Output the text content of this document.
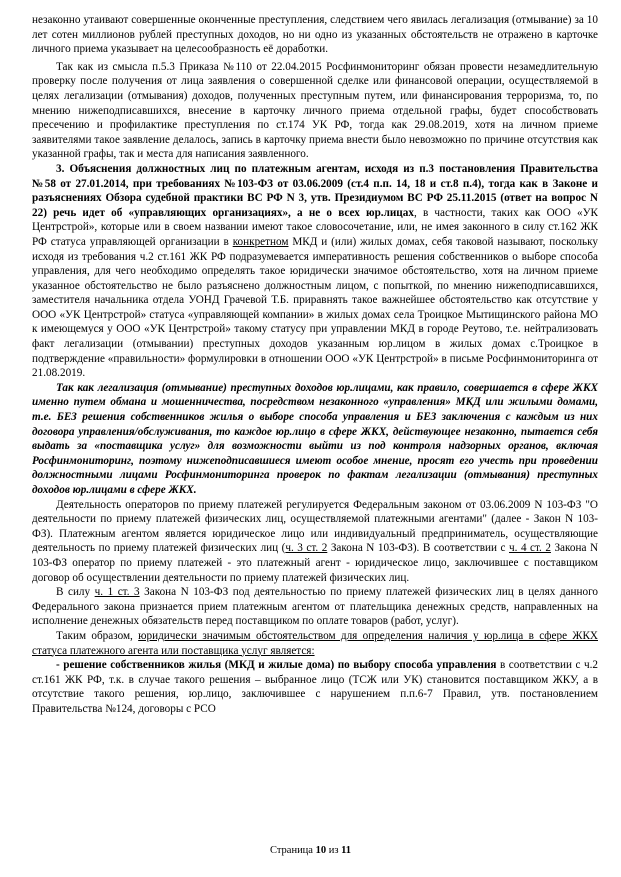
незаконно утаивают совершенные оконченные преступления, следствием чего явилась легализация (отмывание) за 10 лет сотен миллионов рублей преступных доходов, но ни одно из указанных обстоятельств не отражено в карточке личного приема указывает на целесообразность её доработки.

Так как из смысла п.5.3 Приказа №110 от 22.04.2015 Росфинмониторинг обязан провести незамедлительную проверку после получения от лица заявления о совершенной сделке или финансовой операции, осуществляемой в целях легализации (отмывания) доходов, полученных преступным путем, или финансирования терроризма, то, по мнению нижеподписавшихся, внесение в карточку личного приема отдельной графы, будет способствовать пресечению и профилактике преступления по ст.174 УК РФ, тогда как 29.08.2019, хотя на личном приеме заявителями такое заявление делалось, запись в карточку приема внести было невозможно по причине отсутствия как указанной графы, так и места для написания заявленного.

3. Объяснения должностных лиц по платежным агентам, исходя из п.3 постановления Правительства №58 от 27.01.2014, при требованиях №103-ФЗ от 03.06.2009 (ст.4 п.п. 14, 18 и ст.8 п.4), тогда как в Законе и разъяснениях Обзора судебной практики ВС РФ N 3, утв. Президиумом ВС РФ 25.11.2015 (ответ на вопрос N 22) речь идет об «управляющих организациях», а не о всех юр.лицах, в частности, таких как ООО «УК Центрстрой», которые или в своем названии имеют такое словосочетание, или, не имея законного в силу ст.162 ЖК РФ статуса управляющей организации в конкретном МКД и (или) жилых домах, себя таковой называют, поскольку исходя из требования ч.2 ст.161 ЖК РФ подразумевается императивность решения собственников о выборе способа управления, для чего необходимо определять такое юридически значимое обстоятельство, хотя на личном приеме указанное обстоятельство не было разъяснено должностным лицом, с попыткой, по мнению нижеподписавшихся, заместителя начальника отдела УОНД Грачевой Т.Б. приравнять такое важнейшее обстоятельство как отсутствие у ООО «УК Центрстрой» статуса «управляющей компании» в жилых домах села Троицкое Мытищинского района МО к имеющемуся у ООО «УК Центрстрой» такому статусу при управлении МКД в городе Реутово, т.е. нейтрализовать факт легализации (отмывании) преступных доходов указанным юр.лицом в жилых домах с.Троицкое в подтверждение «правильности» формулировки в отношении ООО «УК Центрстрой» в письме Росфинмониторинга от 21.08.2019.

Так как легализация (отмывание) преступных доходов юр.лицами, как правило, совершается в сфере ЖКХ именно путем обмана и мошенничества, посредством незаконного «управления» МКД или жилыми домами, т.е. БЕЗ решения собственников жилья о выборе способа управления и БЕЗ заключения с каждым из них договора управления/обслуживания, то каждое юр.лицо в сфере ЖКХ, действующее незаконно, пытается себя выдать за «поставщика услуг» для возможности выйти из под контроля надзорных органов, включая Росфинмониторинг, поэтому нижеподписавшиеся имеют особое мнение, просят его учесть при проведении должностными лицами Росфинмониторинга проверок по фактам легализации (отмывания) преступных доходов юр.лицами в сфере ЖКХ.

Деятельность операторов по приему платежей регулируется Федеральным законом от 03.06.2009 N 103-ФЗ "О деятельности по приему платежей физических лиц, осуществляемой платежными агентами" (далее - Закон N 103-ФЗ). Платежным агентом является юридическое лицо или индивидуальный предприниматель, осуществляющие деятельность по приему платежей физических лиц (ч. 3 ст. 2 Закона N 103-ФЗ). В соответствии с ч. 4 ст. 2 Закона N 103-ФЗ оператор по приему платежей - это платежный агент - юридическое лицо, заключившее с поставщиком договор об осуществлении деятельности по приему платежей физических лиц.

В силу ч. 1 ст. 3 Закона N 103-ФЗ под деятельностью по приему платежей физических лиц в целях данного Федерального закона признается прием платежным агентом от плательщика денежных средств, направленных на исполнение денежных обязательств перед поставщиком по оплате товаров (работ, услуг).

Таким образом, юридически значимым обстоятельством для определения наличия у юр.лица в сфере ЖКХ статуса платежного агента или поставщика услуг является:

- решение собственников жилья (МКД и жилые дома) по выбору способа управления в соответствии с ч.2 ст.161 ЖК РФ, т.к. в случае такого решения – выбранное лицо (ТСЖ или УК) становится поставщиком ЖКУ, а в отсутствие такого решения, юр.лицо, заключившее с нарушением п.п.6-7 Правил, утв. постановлением Правительства №124, договоры с РСО

Страница 10 из 11
